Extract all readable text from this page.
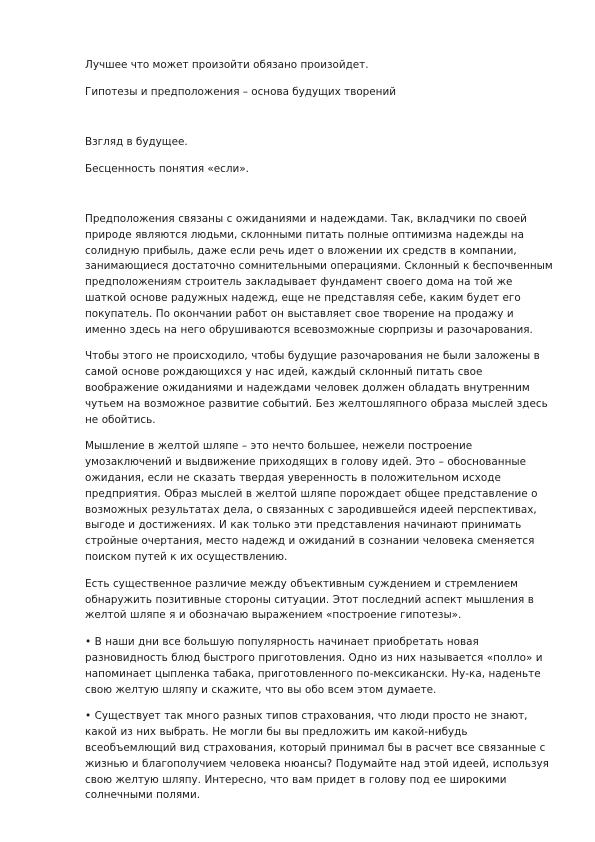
Лучшее что может произойти обязано произойдет.

Гипотезы и предположения – основа будущих творений

Взгляд в будущее.

Бесценность понятия «если».

Предположения связаны с ожиданиями и надеждами. Так, вкладчики по своей природе являются людьми, склонными питать полные оптимизма надежды на солидную прибыль, даже если речь идет о вложении их средств в компании, занимающиеся достаточно сомнительными операциями. Склонный к беспочвенным предположениям строитель закладывает фундамент своего дома на той же шаткой основе радужных надежд, еще не представляя себе, каким будет его покупатель. По окончании работ он выставляет свое творение на продажу и именно здесь на него обрушиваются всевозможные сюрпризы и разочарования.

Чтобы этого не происходило, чтобы будущие разочарования не были заложены в самой основе рождающихся у нас идей, каждый склонный питать свое воображение ожиданиями и надеждами человек должен обладать внутренним чутьем на возможное развитие событий. Без желтошляпного образа мыслей здесь не обойтись.

Мышление в желтой шляпе – это нечто большее, нежели построение умозаключений и выдвижение приходящих в голову идей. Это – обоснованные ожидания, если не сказать твердая уверенность в положительном исходе предприятия. Образ мыслей в желтой шляпе порождает общее представление о возможных результатах дела, о связанных с зародившейся идеей перспективах, выгоде и достижениях. И как только эти представления начинают принимать стройные очертания, место надежд и ожиданий в сознании человека сменяется поиском путей к их осуществлению.

Есть существенное различие между объективным суждением и стремлением обнаружить позитивные стороны ситуации. Этот последний аспект мышления в желтой шляпе я и обозначаю выражением «построение гипотезы».

• В наши дни все большую популярность начинает приобретать новая разновидность блюд быстрого приготовления. Одно из них называется «полло» и напоминает цыпленка табака, приготовленного по-мексикански. Ну-ка, наденьте свою желтую шляпу и скажите, что вы обо всем этом думаете.

• Существует так много разных типов страхования, что люди просто не знают, какой из них выбрать. Не могли бы вы предложить им какой-нибудь всеобъемлющий вид страхования, который принимал бы в расчет все связанные с жизнью и благополучием человека нюансы? Подумайте над этой идеей, используя свою желтую шляпу. Интересно, что вам придет в голову под ее широкими солнечными полями.
